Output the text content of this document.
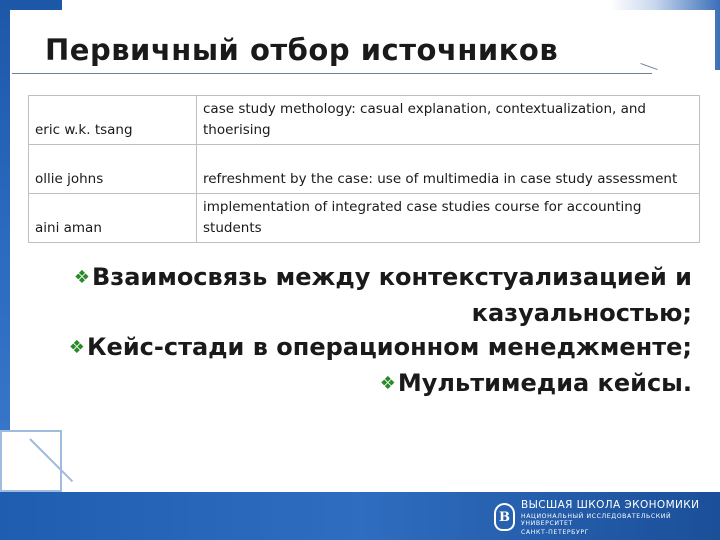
Первичный отбор источников
eric w.k. tsang	case study methology: casual explanation, contextualization, and thoerising
ollie johns	refreshment by the case: use of multimedia in case study assessment
aini aman	implementation of integrated case studies course for accounting students
❖Взаимосвязь между контекстуализацией и казуальностью;
❖Кейс-стади в операционном менеджменте;
❖Мультимедиа кейсы.
В
ВЫСШАЯ ШКОЛА ЭКОНОМИКИ
НАЦИОНАЛЬНЫЙ ИССЛЕДОВАТЕЛЬСКИЙ УНИВЕРСИТЕТ
САНКТ-ПЕТЕРБУРГ
